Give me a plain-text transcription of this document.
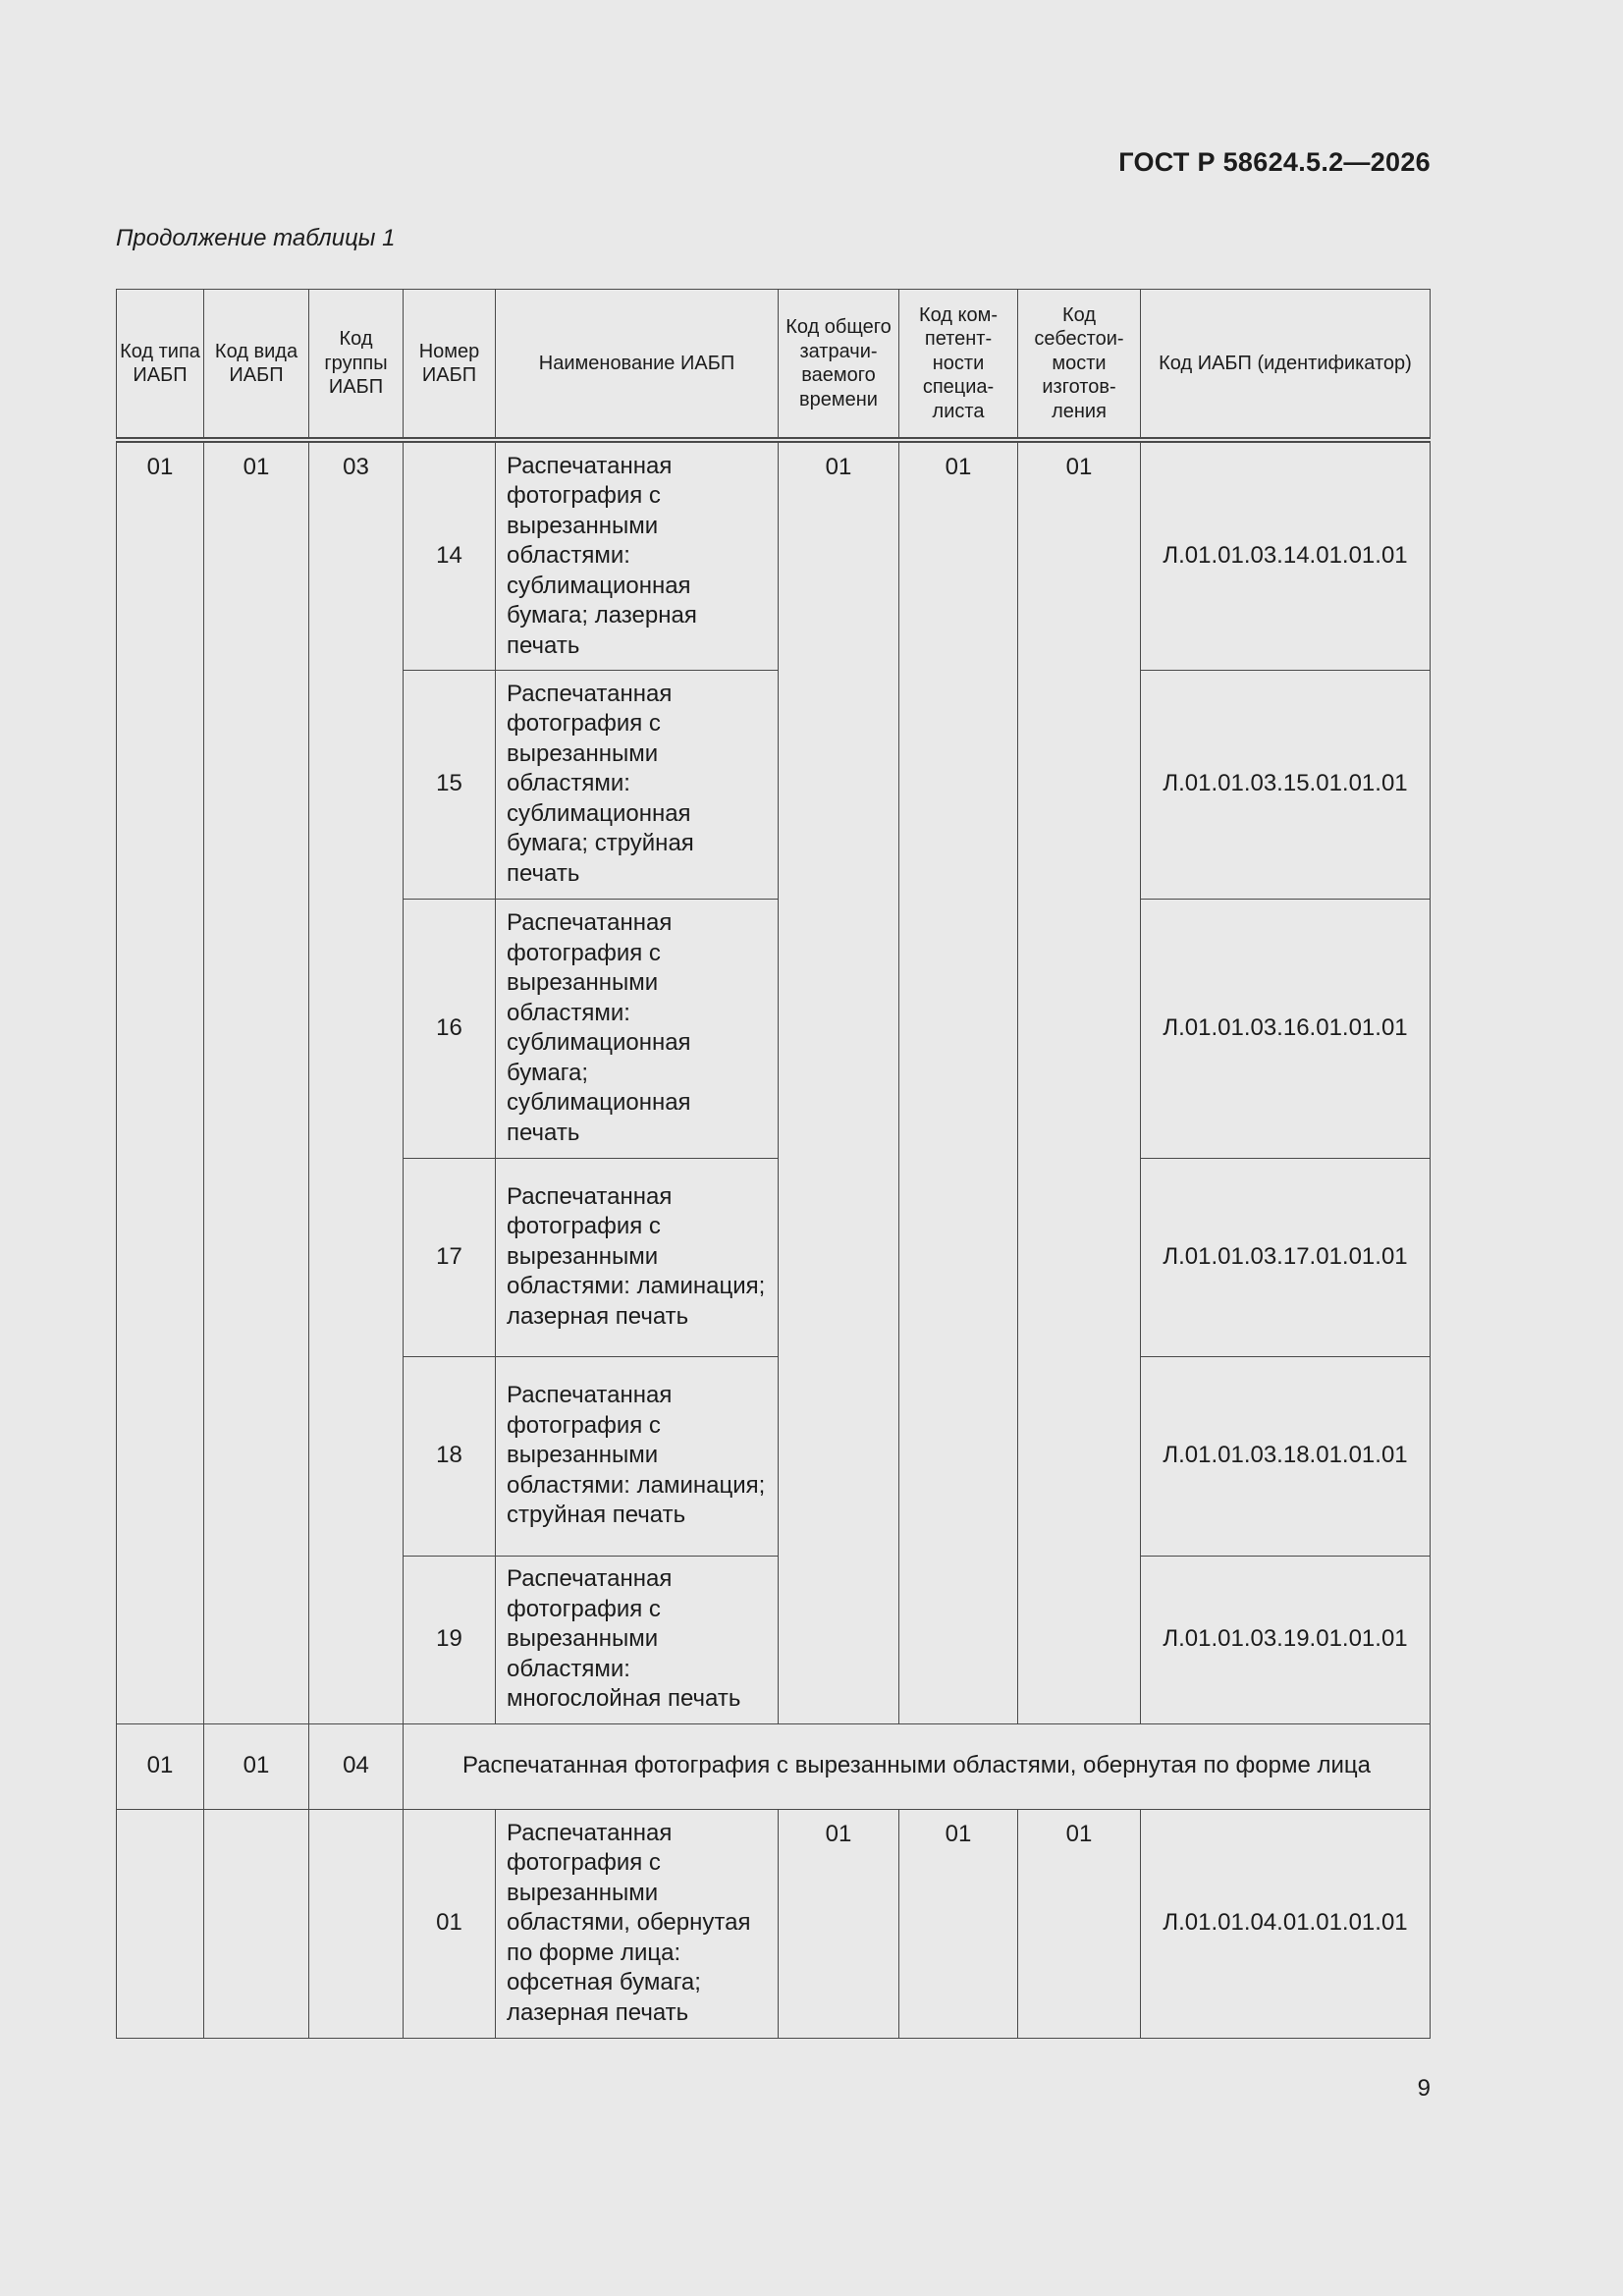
ГОСТ Р 58624.5.2—2026
Продолжение таблицы 1
Код типа ИАБП	Код вида ИАБП	Код группы ИАБП	Номер ИАБП	Наименование ИАБП	Код общего затрачи-ваемого времени	Код ком-петент-ности специа-листа	Код себестои-мости изготов-ления	Код ИАБП (идентификатор)
01	01	03	14	Распечатанная фотография с вырезанными областями: сублимационная бумага; лазерная печать	01	01	01	Л.01.01.03.14.01.01.01
			15	Распечатанная фотография с вырезанными областями: сублимационная бумага; струйная печать				Л.01.01.03.15.01.01.01
			16	Распечатанная фотография с вырезанными областями: сублимационная бумага; сублимационная печать				Л.01.01.03.16.01.01.01
			17	Распечатанная фотография с вырезанными областями: ламинация; лазерная печать				Л.01.01.03.17.01.01.01
			18	Распечатанная фотография с вырезанными областями: ламинация; струйная печать				Л.01.01.03.18.01.01.01
			19	Распечатанная фотография с вырезанными областями: многослойная печать				Л.01.01.03.19.01.01.01
01	01	04	Распечатанная фотография с вырезанными областями, обернутая по форме лица					
			01	Распечатанная фотография с вырезанными областями, обернутая по форме лица: офсетная бумага; лазерная печать	01	01	01	Л.01.01.04.01.01.01.01
9
